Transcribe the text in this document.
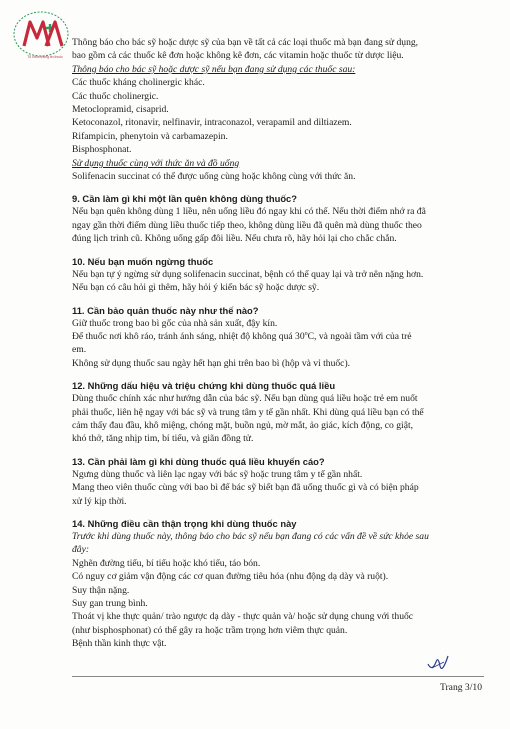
Tổ chức thông tin thuốc

Thông báo cho bác sỹ hoặc dược sỹ của bạn về tất cả các loại thuốc mà bạn đang sử dụng,

bao gồm cả các thuốc kê đơn hoặc không kê đơn, các vitamin hoặc thuốc từ dược liệu.

Thông báo cho bác sỹ hoặc dược sỹ nếu bạn đang sử dụng các thuốc sau:

Các thuốc kháng cholinergic khác.

Các thuốc cholinergic.

Metoclopramid, cisaprid.

Ketoconazol, ritonavir, nelfinavir, intraconazol, verapamil and diltiazem.

Rifampicin, phenytoin và carbamazepin.

Bisphosphonat.

Sử dụng thuốc cùng với thức ăn và đồ uống

Solifenacin succinat có thể được uống cùng hoặc không cùng với thức ăn.

9. Cần làm gì khi một lần quên không dùng thuốc?

Nếu bạn quên không dùng 1 liều, nên uống liều đó ngay khi có thể. Nếu thời điểm nhớ ra đã

ngay gần thời điểm dùng liều thuốc tiếp theo, không dùng liều đã quên mà dùng thuốc theo

đúng lịch trình cũ. Không uống gấp đôi liều. Nếu chưa rõ, hãy hỏi lại cho chắc chắn.

10. Nếu bạn muốn ngừng thuốc

Nếu bạn tự ý ngừng sử dụng solifenacin succinat, bệnh có thể quay lại và trở nên nặng hơn.

Nếu bạn có câu hỏi gì thêm, hãy hỏi ý kiến bác sỹ hoặc dược sỹ.

11. Cần bảo quản thuốc này như thế nào?

Giữ thuốc trong bao bì gốc của nhà sản xuất, đậy kín.

Để thuốc nơi khô ráo, tránh ánh sáng, nhiệt độ không quá 30$^o$C, và ngoài tầm với của trẻ

em.

Không sử dụng thuốc sau ngày hết hạn ghi trên bao bì (hộp và vỉ thuốc).

12. Những dấu hiệu và triệu chứng khi dùng thuốc quá liều

Dùng thuốc chính xác như hướng dẫn của bác sỹ. Nếu bạn dùng quá liều hoặc trẻ em nuốt

phải thuốc, liên hệ ngay với bác sỹ và trung tâm y tế gần nhất. Khi dùng quá liều bạn có thể

cảm thấy đau đầu, khô miệng, chóng mặt, buồn ngủ, mờ mắt, ảo giác, kích động, co giật,

khó thở, tăng nhịp tim, bí tiểu, và giãn đồng tử.

13. Cần phải làm gì khi dùng thuốc quá liều khuyến cáo?

Ngưng dùng thuốc và liên lạc ngay với bác sỹ hoặc trung tâm y tế gần nhất.

Mang theo viên thuốc cùng với bao bì để bác sỹ biết bạn đã uống thuốc gì và có biện pháp

xử lý kịp thời.

14. Những điều cần thận trọng khi dùng thuốc này

Trước khi dùng thuốc này, thông báo cho bác sỹ nếu bạn đang có các vấn đề về sức khỏe sau

đây:

Nghẽn đường tiểu, bí tiểu hoặc khó tiểu, táo bón.

Có nguy cơ giảm vận động các cơ quan đường tiêu hóa (nhu động dạ dày và ruột).

Suy thận nặng.

Suy gan trung bình.

Thoát vị khe thực quản/ trào ngược dạ dày - thực quản và/ hoặc sử dụng chung với thuốc

(như bisphosphonat) có thể gây ra hoặc trầm trọng hơn viêm thực quản.

Bệnh thần kinh thực vật.

Trang 3/10
